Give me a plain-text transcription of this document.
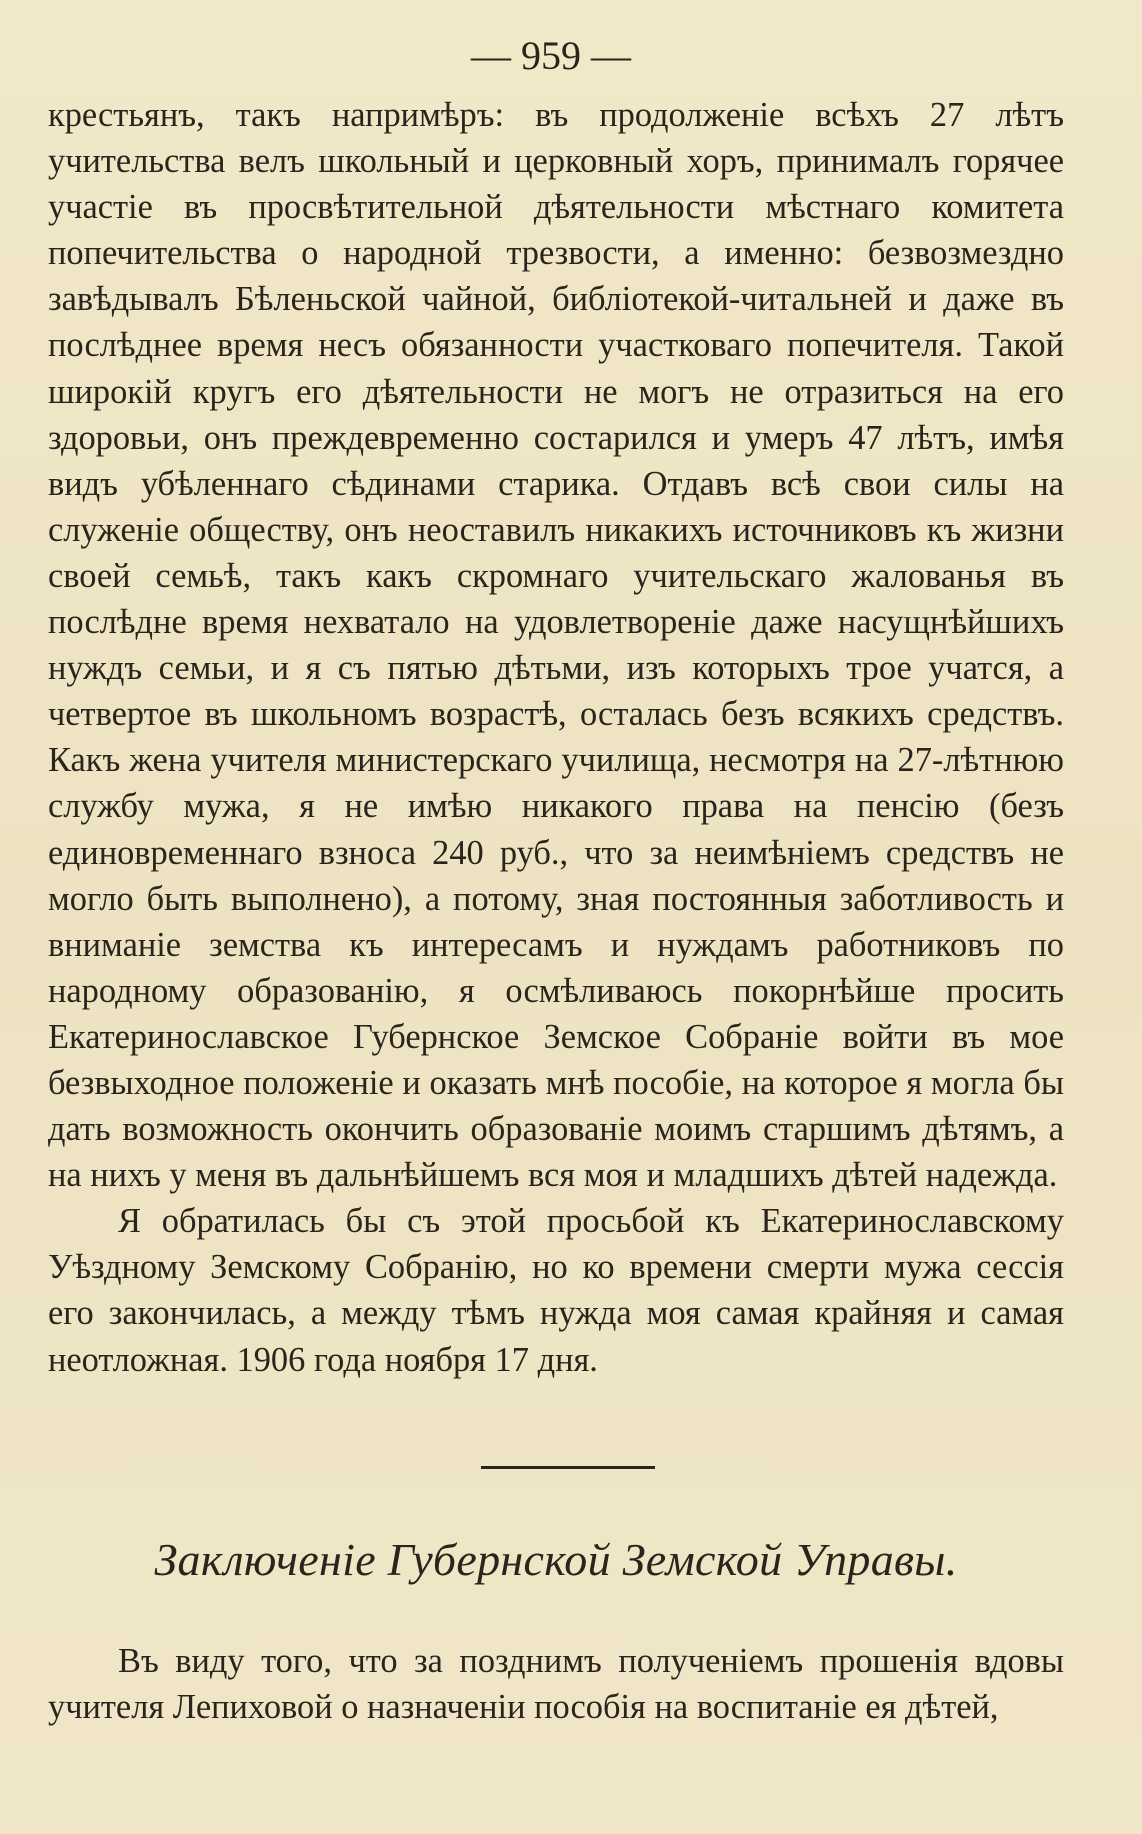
— 959 —

крестьянъ, такъ напримѣръ: въ продолженіе всѣхъ 27 лѣтъ учительства велъ школьный и церковный хоръ, принималъ горячее участіе въ просвѣтительной дѣятельности мѣстнаго комитета попечительства о народной трезвости, а именно: безвозмездно завѣдывалъ Бѣленьской чайной, библіотекой-читальней и даже въ послѣднее время несъ обязанности участковаго попечителя. Такой широкій кругъ его дѣятельности не могъ не отразиться на его здоровьи, онъ преждевременно состарился и умеръ 47 лѣтъ, имѣя видъ убѣленнаго сѣдинами старика. Отдавъ всѣ свои силы на служеніе обществу, онъ неоставилъ никакихъ источниковъ къ жизни своей семьѣ, такъ какъ скромнаго учительскаго жалованья въ послѣдне время нехватало на удовлетвореніе даже насущнѣйшихъ нуждъ семьи, и я съ пятью дѣтьми, изъ которыхъ трое учатся, а четвертое въ школьномъ возрастѣ, осталась безъ всякихъ средствъ. Какъ жена учителя министерскаго училища, несмотря на 27-лѣтнюю службу мужа, я не имѣю никакого права на пенсію (безъ единовременнаго взноса 240 руб., что за неимѣніемъ средствъ не могло быть выполнено), а потому, зная постоянныя заботливость и вниманіе земства къ интересамъ и нуждамъ работниковъ по народному образованію, я осмѣливаюсь покорнѣйше просить Екатеринославское Губернское Земское Собраніе войти въ мое безвыходное положеніе и оказать мнѣ пособіе, на которое я могла бы дать возможность окончить образованіе моимъ старшимъ дѣтямъ, а на нихъ у меня въ дальнѣйшемъ вся моя и младшихъ дѣтей надежда.

Я обратилась бы съ этой просьбой къ Екатеринославскому Уѣздному Земскому Собранію, но ко времени смерти мужа сессія его закончилась, а между тѣмъ нужда моя самая крайняя и самая неотложная. 1906 года ноября 17 дня.

Заключеніе Губернской Земской Управы.

Въ виду того, что за позднимъ полученіемъ прошенія вдовы учителя Лепиховой о назначеніи пособія на воспитаніе ея дѣтей,
